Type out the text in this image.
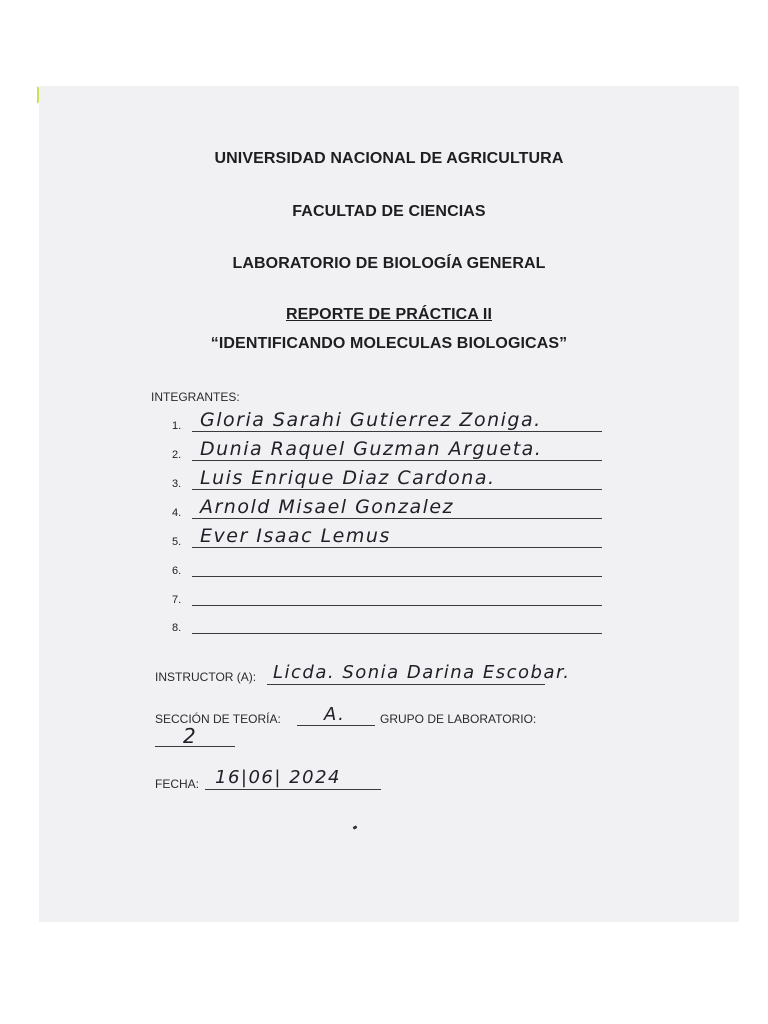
UNIVERSIDAD NACIONAL DE AGRICULTURA
FACULTAD DE CIENCIAS
LABORATORIO DE BIOLOGÍA GENERAL
REPORTE DE PRÁCTICA II
“IDENTIFICANDO MOLECULAS BIOLOGICAS”
INTEGRANTES:
1. Gloria Sarahi Gutierrez Zoniga.
2. Dunia Raquel Guzman Argueta.
3. Luis Enrique Diaz Cardona.
4. Arnold Misael Gonzalez
5. Ever Isaac Lemus
6.
7.
8.
INSTRUCTOR (A): Licda. Sonia Darina Escobar.
SECCIÓN DE TEORÍA: A.	GRUPO DE LABORATORIO:
2
FECHA: 16|06| 2024
